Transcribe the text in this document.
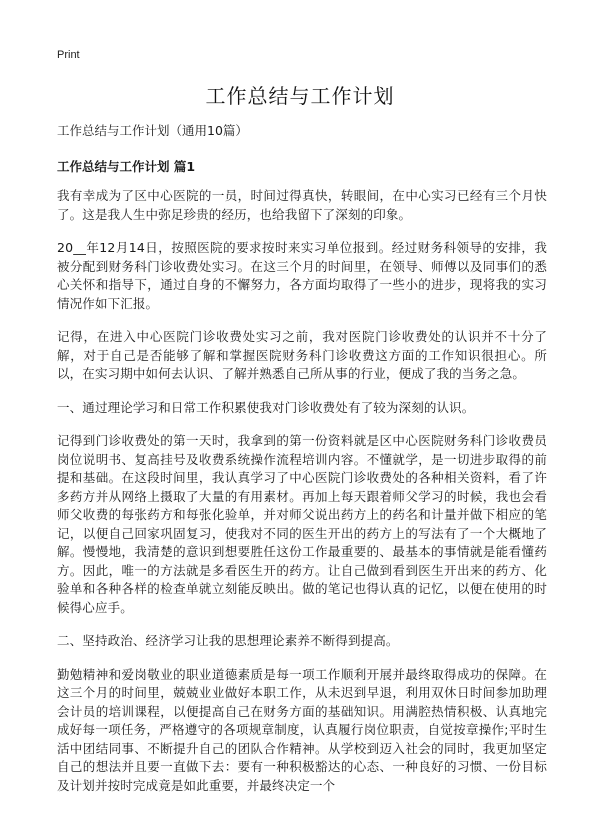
Print

工作总结与工作计划

工作总结与工作计划（通用10篇）

工作总结与工作计划 篇1

我有幸成为了区中心医院的一员，时间过得真快，转眼间，在中心实习已经有三个月快了。这是我人生中弥足珍贵的经历，也给我留下了深刻的印象。

20__年12月14日，按照医院的要求按时来实习单位报到。经过财务科领导的安排，我被分配到财务科门诊收费处实习。在这三个月的时间里，在领导、师傅以及同事们的悉心关怀和指导下，通过自身的不懈努力，各方面均取得了一些小的进步，现将我的实习情况作如下汇报。

记得，在进入中心医院门诊收费处实习之前，我对医院门诊收费处的认识并不十分了解，对于自己是否能够了解和掌握医院财务科门诊收费这方面的工作知识很担心。所以，在实习期中如何去认识、了解并熟悉自己所从事的行业，便成了我的当务之急。

一、通过理论学习和日常工作积累使我对门诊收费处有了较为深刻的认识。

记得到门诊收费处的第一天时，我拿到的第一份资料就是区中心医院财务科门诊收费员岗位说明书、复高挂号及收费系统操作流程培训内容。不懂就学，是一切进步取得的前提和基础。在这段时间里，我认真学习了中心医院门诊收费处的各种相关资料，看了许多药方并从网络上摄取了大量的有用素材。再加上每天跟着师父学习的时候，我也会看师父收费的每张药方和每张化验单，并对师父说出药方上的药名和计量并做下相应的笔记，以便自己回家巩固复习，使我对不同的医生开出的药方上的写法有了一个大概地了解。慢慢地，我清楚的意识到想要胜任这份工作最重要的、最基本的事情就是能看懂药方。因此，唯一的方法就是多看医生开的药方。让自己做到看到医生开出来的药方、化验单和各种各样的检查单就立刻能反映出。做的笔记也得认真的记忆，以便在使用的时候得心应手。

二、坚持政治、经济学习让我的思想理论素养不断得到提高。

勤勉精神和爱岗敬业的职业道德素质是每一项工作顺利开展并最终取得成功的保障。在这三个月的时间里，兢兢业业做好本职工作，从未迟到早退，利用双休日时间参加助理会计员的培训课程，以便提高自己在财务方面的基础知识。用满腔热情积极、认真地完成好每一项任务，严格遵守的各项规章制度，认真履行岗位职责，自觉按章操作;平时生活中团结同事、不断提升自己的团队合作精神。从学校到迈入社会的同时，我更加坚定自己的想法并且要一直做下去：要有一种积极豁达的心态、一种良好的习惯、一份目标及计划并按时完成竟是如此重要，并最终决定一个
